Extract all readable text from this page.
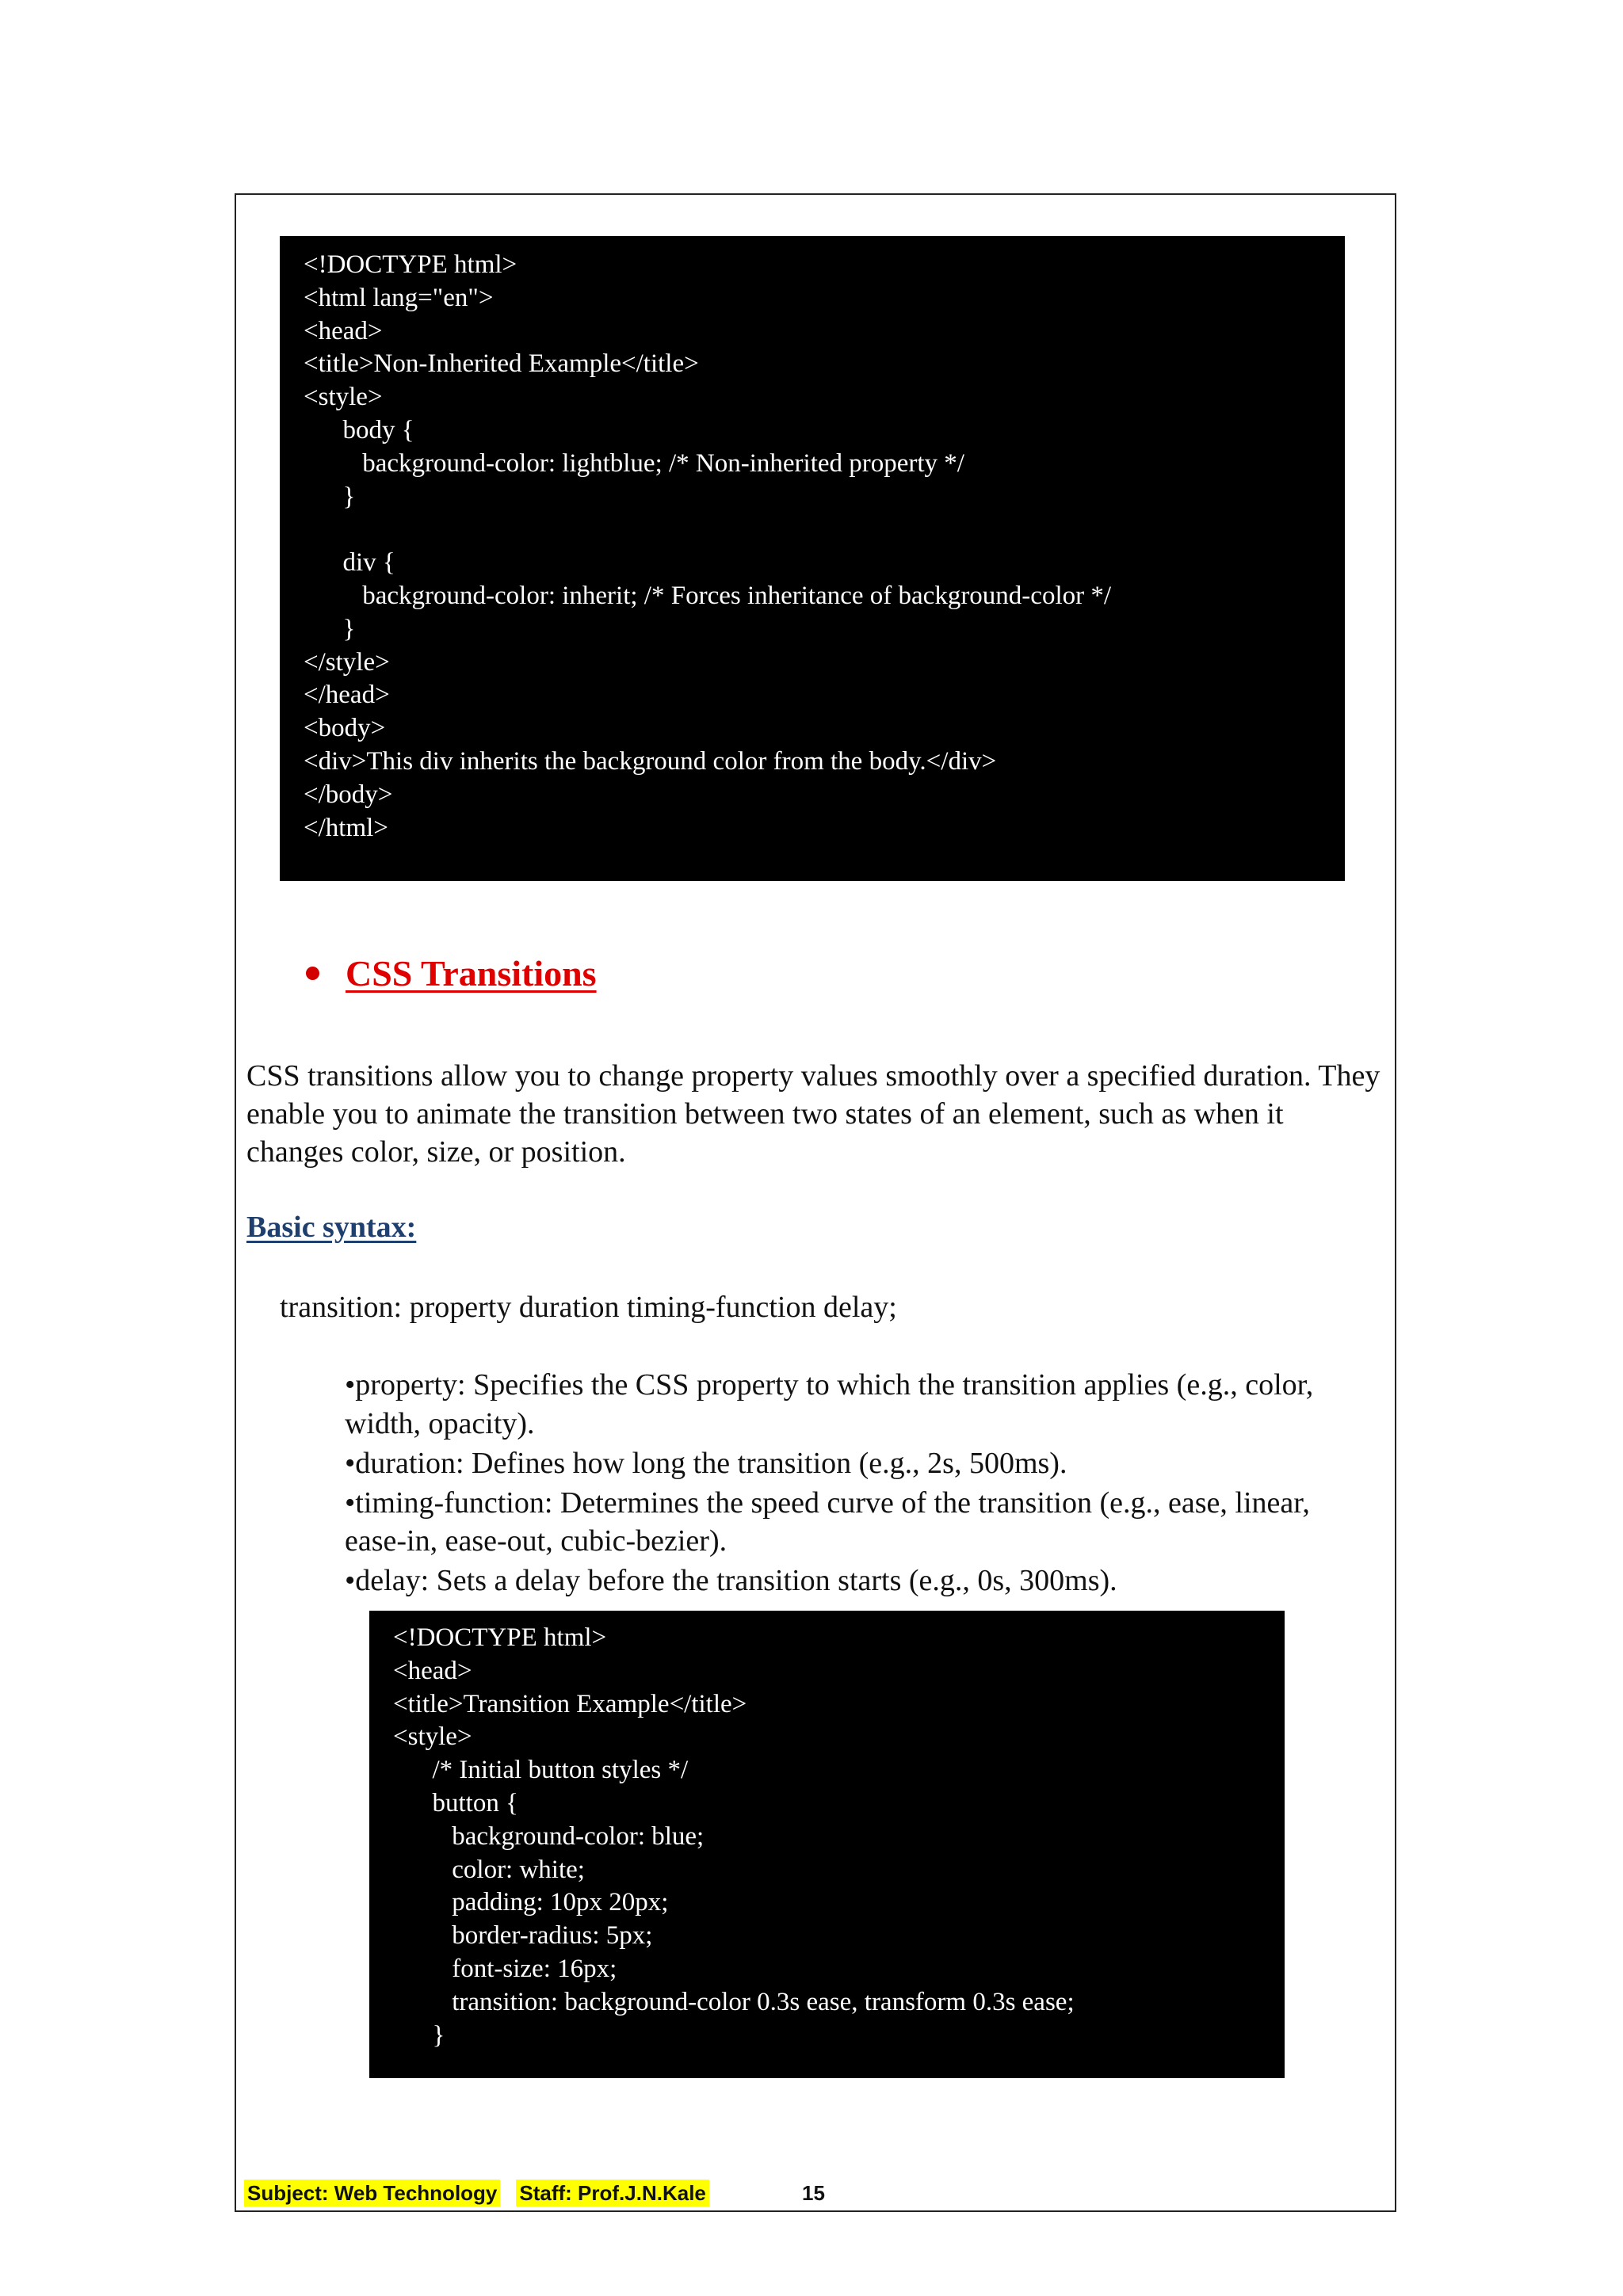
<!DOCTYPE html>
<html lang="en">
<head>
<title>Non-Inherited Example</title>
<style>
body {
background-color: lightblue; /* Non-inherited property */
}
div {
background-color: inherit; /* Forces inheritance of background-color */
}
</style>
</head>
<body>
<div>This div inherits the background color from the body.</div>
</body>
</html>
CSS Transitions

CSS transitions allow you to change property values smoothly over a specified duration. They enable you to animate the transition between two states of an element, such as when it changes color, size, or position.

Basic syntax:
transition: property duration timing-function delay;
•property: Specifies the CSS property to which the transition applies (e.g., color, width, opacity).
•duration: Defines how long the transition (e.g., 2s, 500ms).
•timing-function: Determines the speed curve of the transition (e.g., ease, linear, ease-in, ease-out, cubic-bezier).
•delay: Sets a delay before the transition starts (e.g., 0s, 300ms).
<!DOCTYPE html>
<head>
<title>Transition Example</title>
<style>
/* Initial button styles */
button {
background-color: blue;
color: white;
padding: 10px 20px;
border-radius: 5px;
font-size: 16px;
transition: background-color 0.3s ease, transform 0.3s ease;
}
Subject: Web Technology Staff: Prof.J.N.Kale	15
